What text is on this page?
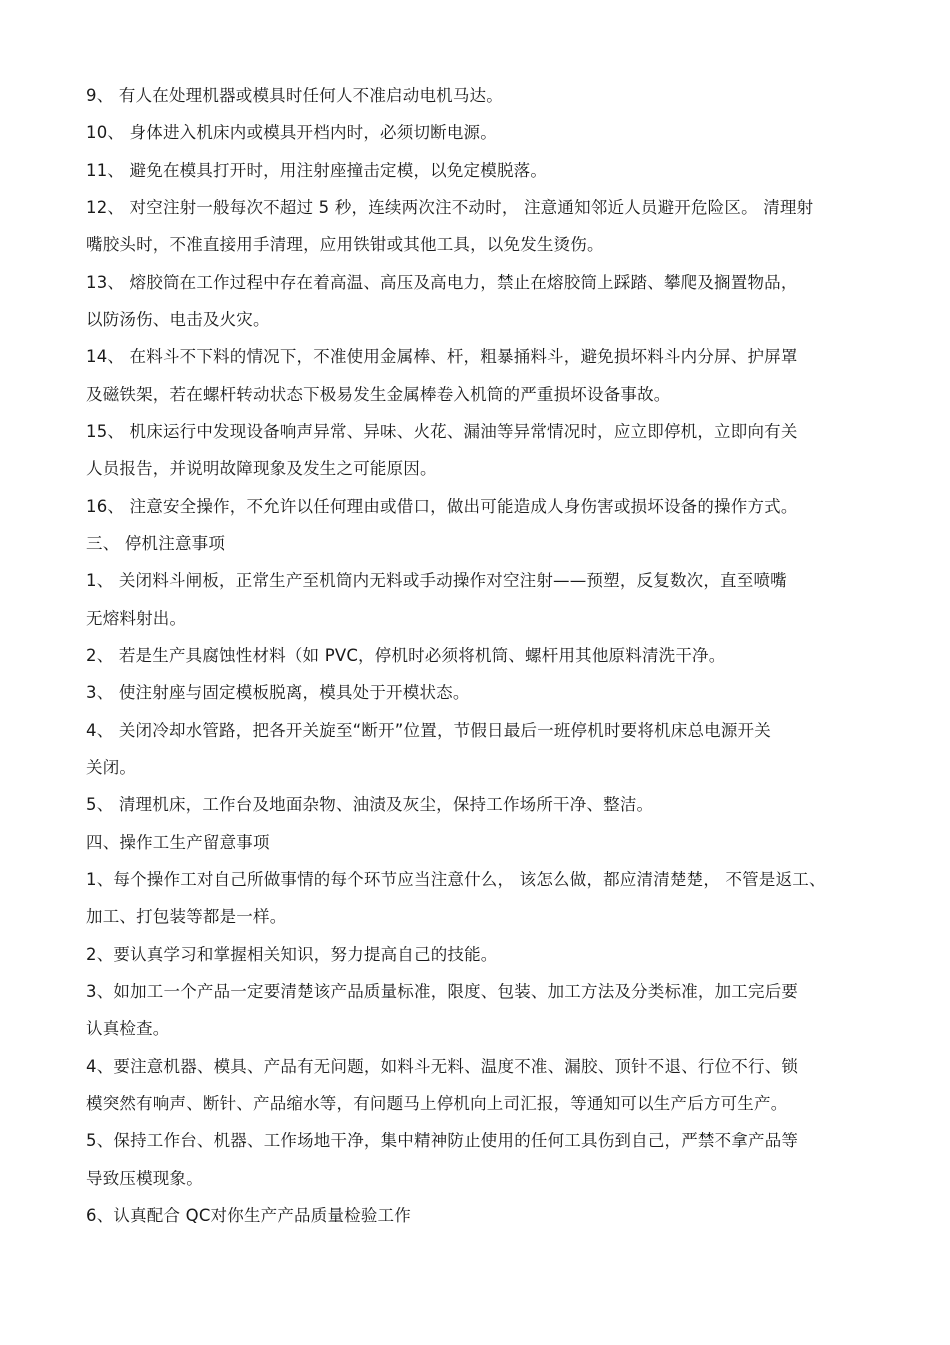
9、 有人在处理机器或模具时任何人不准启动电机马达。
10、 身体进入机床内或模具开档内时，必须切断电源。
11、 避免在模具打开时，用注射座撞击定模，以免定模脱落。
12、 对空注射一般每次不超过 5 秒，连续两次注不动时， 注意通知邻近人员避开危险区。 清理射
嘴胶头时，不准直接用手清理，应用铁钳或其他工具，以免发生烫伤。
13、 熔胶筒在工作过程中存在着高温、高压及高电力，禁止在熔胶筒上踩踏、攀爬及搁置物品，
以防汤伤、电击及火灾。
14、 在料斗不下料的情况下，不准使用金属棒、杆，粗暴捅料斗，避免损坏料斗内分屏、护屏罩
及磁铁架，若在螺杆转动状态下极易发生金属棒卷入机筒的严重损坏设备事故。
15、 机床运行中发现设备响声异常、异味、火花、漏油等异常情况时，应立即停机，立即向有关
人员报告，并说明故障现象及发生之可能原因。
16、 注意安全操作，不允许以任何理由或借口，做出可能造成人身伤害或损坏设备的操作方式。
三、 停机注意事项
1、 关闭料斗闸板，正常生产至机筒内无料或手动操作对空注射——预塑，反复数次，直至喷嘴
无熔料射出。
2、 若是生产具腐蚀性材料（如 PVC，停机时必须将机筒、螺杆用其他原料清洗干净。
3、 使注射座与固定模板脱离，模具处于开模状态。
4、 关闭冷却水管路，把各开关旋至“断开”位置，节假日最后一班停机时要将机床总电源开关
关闭。
5、 清理机床，工作台及地面杂物、油渍及灰尘，保持工作场所干净、整洁。
四、操作工生产留意事项
1、每个操作工对自己所做事情的每个环节应当注意什么， 该怎么做，都应清清楚楚， 不管是返工、
加工、打包装等都是一样。
2、要认真学习和掌握相关知识，努力提高自己的技能。
3、如加工一个产品一定要清楚该产品质量标准，限度、包装、加工方法及分类标准，加工完后要
认真检查。
4、要注意机器、模具、产品有无问题，如料斗无料、温度不准、漏胶、顶针不退、行位不行、锁
模突然有响声、断针、产品缩水等，有问题马上停机向上司汇报，等通知可以生产后方可生产。
5、保持工作台、机器、工作场地干净，集中精神防止使用的任何工具伤到自己，严禁不拿产品等
导致压模现象。
6、认真配合 QC对你生产产品质量检验工作
